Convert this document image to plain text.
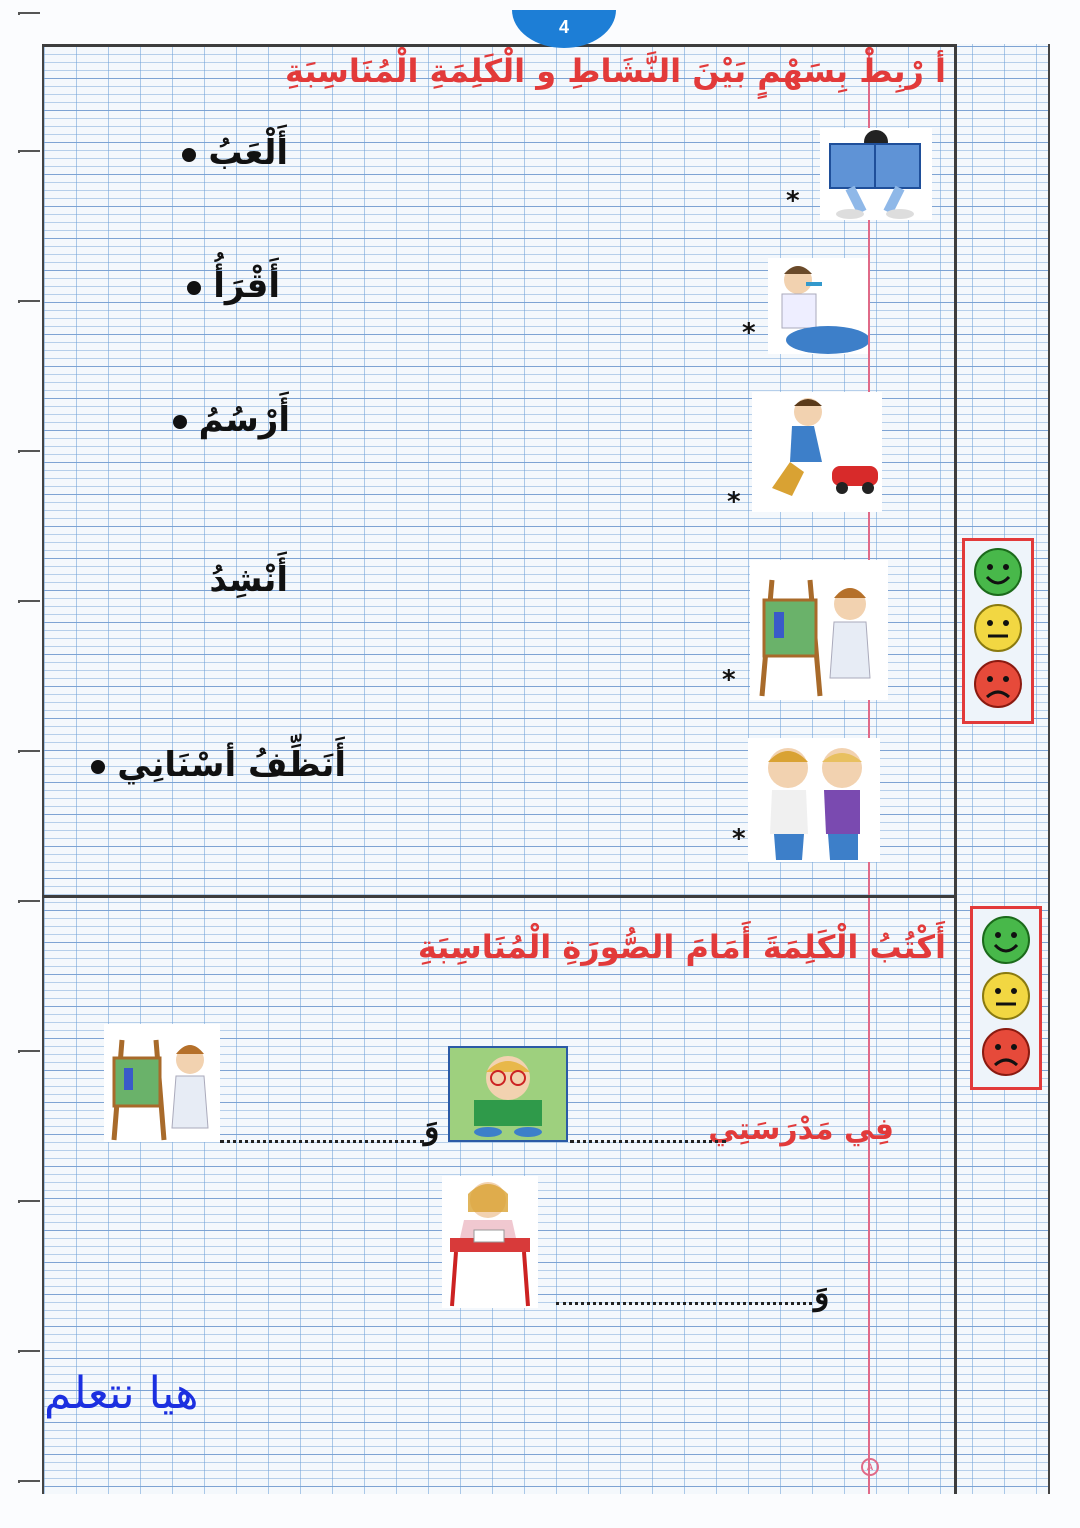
A
4
أ رْبِطْ بِسَهْمٍ بَيْنَ النَّشَاطِ و الْكَلِمَةِ الْمُنَاسِبَةِ
أَلْعَبُ
أَقْرَأُ
أَرْسُمُ
أَنْشِدُ
أَنَظِّفُ أسْنَانِي
*
*
*
*
*
أَكْتُبُ الْكَلِمَةَ أَمَامَ الصُّورَةِ الْمُنَاسِبَةِ
فِي مَدْرَسَتِي
وَ
وَ
هيا نتعلم
